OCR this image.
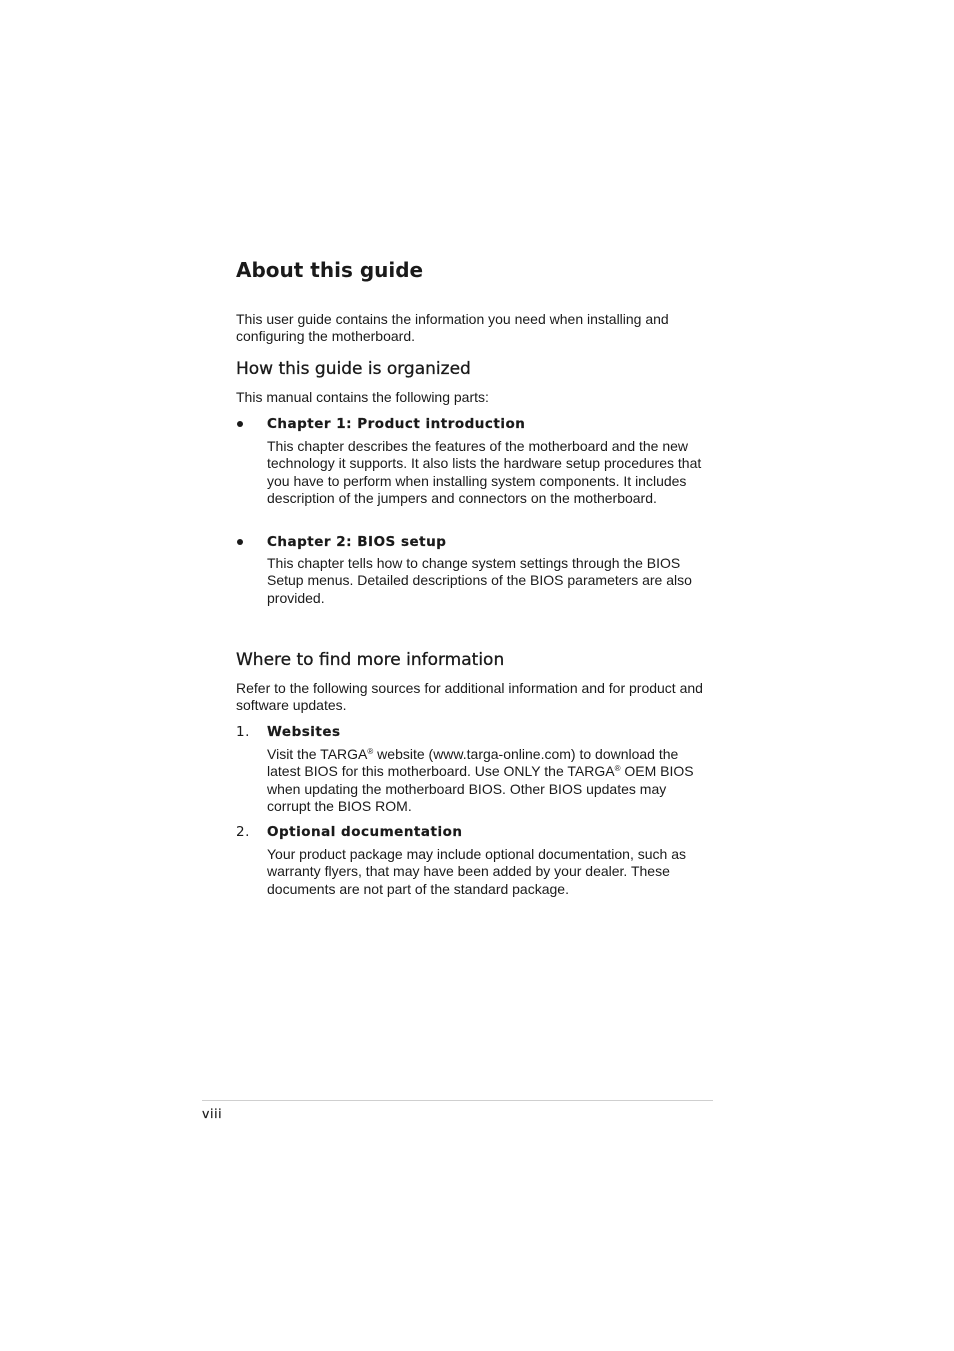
About this guide

This user guide contains the information you need when installing and configuring the motherboard.

How this guide is organized

This manual contains the following parts:

Chapter 1: Product introduction

This chapter describes the features of the motherboard and the new technology it supports. It also lists the hardware setup procedures that you have to perform when installing system components. It includes description of the jumpers and connectors on the motherboard.

Chapter 2: BIOS setup

This chapter tells how to change system settings through the BIOS Setup menus. Detailed descriptions of the BIOS parameters are also provided.

Where to find more information

Refer to the following sources for additional information and for product and software updates.

1. Websites

Visit the TARGA® website (www.targa-online.com) to download the latest BIOS for this motherboard. Use ONLY the TARGA® OEM BIOS when updating the motherboard BIOS. Other BIOS updates may corrupt the BIOS ROM.

2. Optional documentation

Your product package may include optional documentation, such as warranty flyers, that may have been added by your dealer. These documents are not part of the standard package.

viii
